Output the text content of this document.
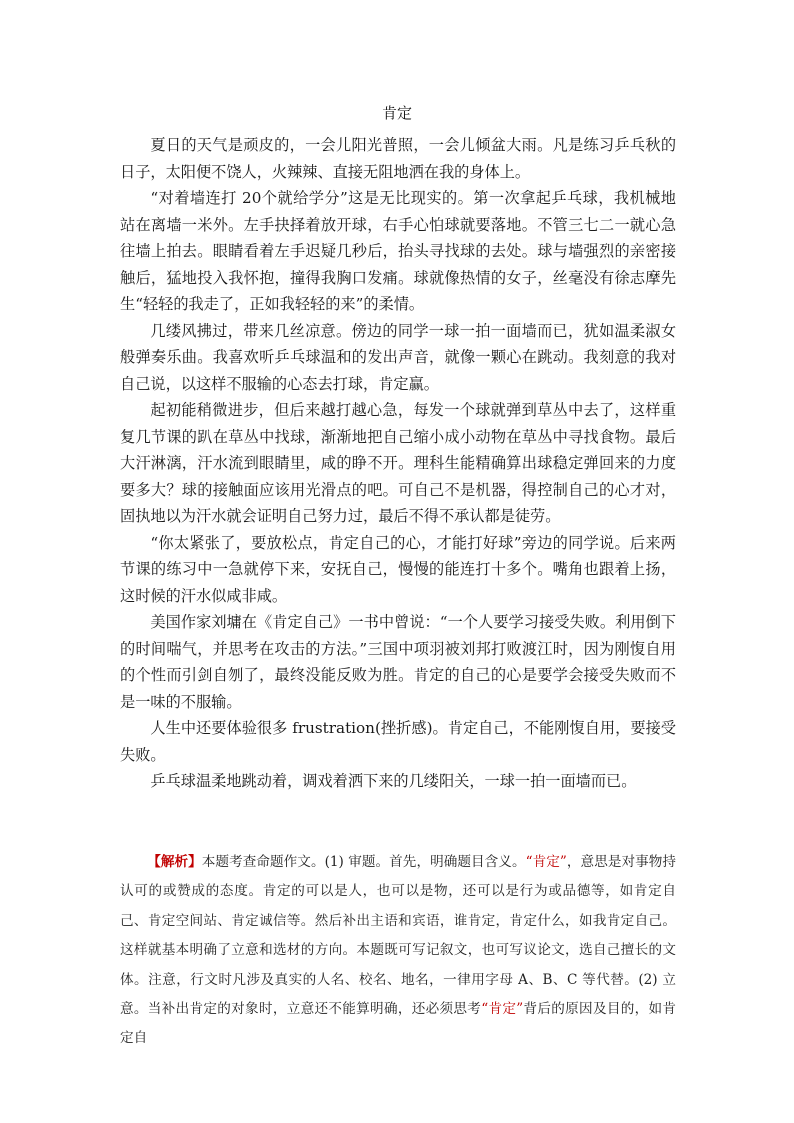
肯定

夏日的天气是顽皮的，一会儿阳光普照，一会儿倾盆大雨。凡是练习乒乓秋的日子，太阳便不饶人，火辣辣、直接无阻地洒在我的身体上。

“对着墙连打 20个就给学分”这是无比现实的。第一次拿起乒乓球，我机械地站在离墙一米外。左手抉择着放开球，右手心怕球就要落地。不管三七二一就心急往墙上拍去。眼睛看着左手迟疑几秒后，抬头寻找球的去处。球与墙强烈的亲密接触后，猛地投入我怀抱，撞得我胸口发痛。球就像热情的女子，丝毫没有徐志摩先生“轻轻的我走了，正如我轻轻的来”的柔情。

几缕风拂过，带来几丝凉意。傍边的同学一球一拍一面墙而已，犹如温柔淑女般弹奏乐曲。我喜欢听乒乓球温和的发出声音，就像一颗心在跳动。我刻意的我对自己说，以这样不服输的心态去打球，肯定赢。

起初能稍微进步，但后来越打越心急，每发一个球就弹到草丛中去了，这样重复几节课的趴在草丛中找球，渐渐地把自己缩小成小动物在草丛中寻找食物。最后大汗淋漓，汗水流到眼睛里，咸的睁不开。理科生能精确算出球稳定弹回来的力度要多大？球的接触面应该用光滑点的吧。可自己不是机器，得控制自己的心才对，固执地以为汗水就会证明自己努力过，最后不得不承认都是徒劳。

“你太紧张了，要放松点，肯定自己的心，才能打好球”旁边的同学说。后来两节课的练习中一急就停下来，安抚自己，慢慢的能连打十多个。嘴角也跟着上扬，这时候的汗水似咸非咸。

美国作家刘墉在《肯定自己》一书中曾说：“一个人要学习接受失败。利用倒下的时间喘气，并思考在攻击的方法。”三国中项羽被刘邦打败渡江时，因为刚愎自用的个性而引剑自刎了，最终没能反败为胜。肯定的自己的心是要学会接受失败而不是一味的不服输。

人生中还要体验很多 frustration(挫折感)。肯定自己，不能刚愎自用，要接受失败。

乒乓球温柔地跳动着，调戏着洒下来的几缕阳关，一球一拍一面墙而已。

【解析】本题考查命题作文。(1) 审题。首先，明确题目含义。“肯定”，意思是对事物持认可的或赞成的态度。肯定的可以是人，也可以是物，还可以是行为或品德等，如肯定自己、肯定空间站、肯定诚信等。然后补出主语和宾语，谁肯定，肯定什么，如我肯定自己。这样就基本明确了立意和选材的方向。本题既可写记叙文，也可写议论文，选自己擅长的文体。注意，行文时凡涉及真实的人名、校名、地名，一律用字母 A、B、C 等代替。(2) 立意。当补出肯定的对象时，立意还不能算明确，还必须思考“肯定”背后的原因及目的，如肯定自
